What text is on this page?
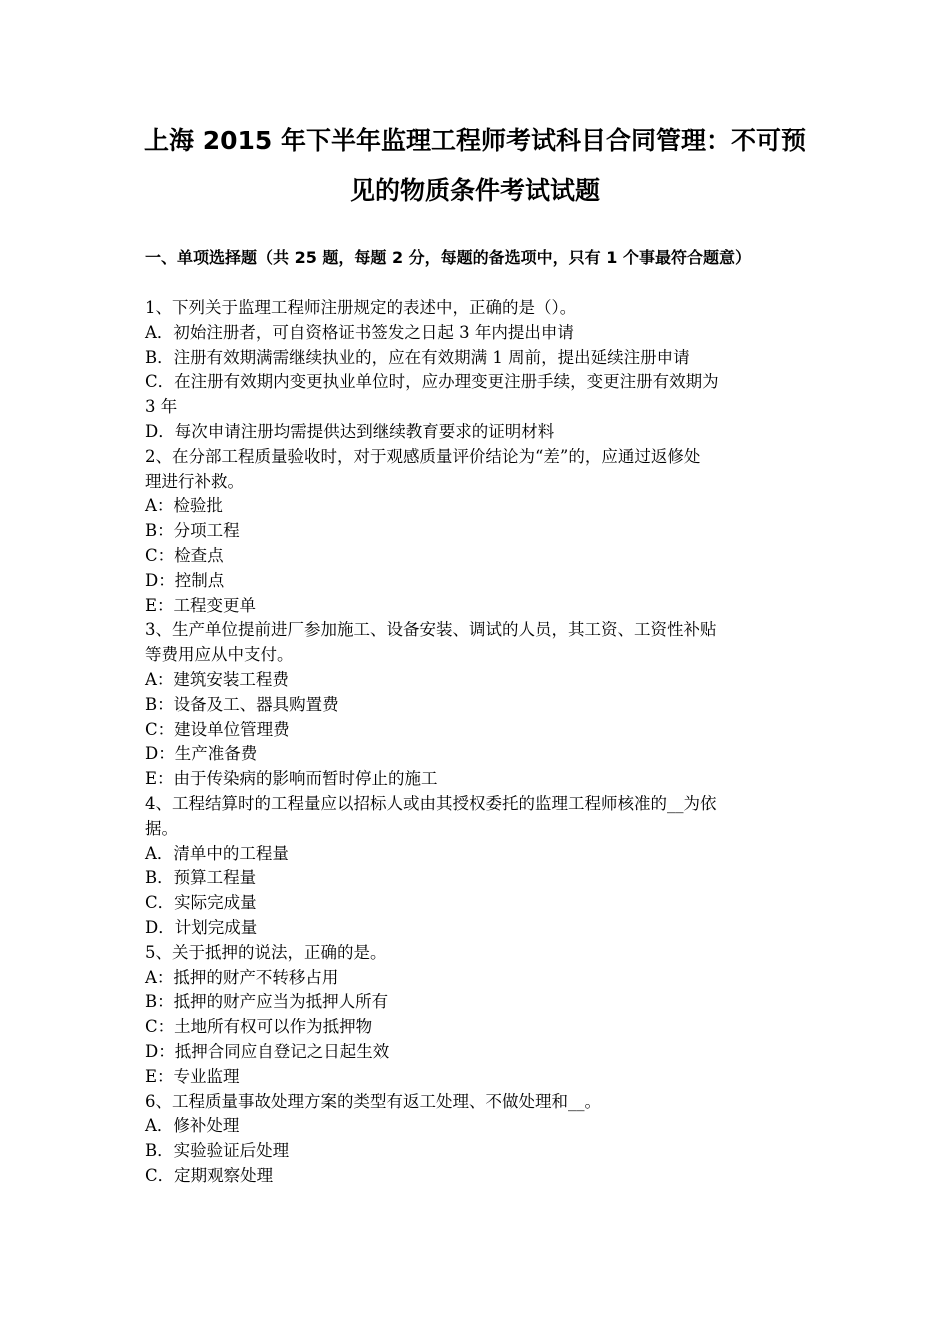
上海 2015 年下半年监理工程师考试科目合同管理：不可预
见的物质条件考试试题
一、单项选择题（共 25 题，每题 2 分，每题的备选项中，只有 1 个事最符合题意）
1、下列关于监理工程师注册规定的表述中，正确的是（）。
A．初始注册者，可自资格证书签发之日起 3 年内提出申请
B．注册有效期满需继续执业的，应在有效期满 1 周前，提出延续注册申请
C．在注册有效期内变更执业单位时，应办理变更注册手续，变更注册有效期为
3 年
D．每次申请注册均需提供达到继续教育要求的证明材料
2、在分部工程质量验收时，对于观感质量评价结论为“差”的，应通过返修处
理进行补救。
A：检验批
B：分项工程
C：检查点
D：控制点
E：工程变更单
3、生产单位提前进厂参加施工、设备安装、调试的人员，其工资、工资性补贴
等费用应从中支付。
A：建筑安装工程费
B：设备及工、器具购置费
C：建设单位管理费
D：生产准备费
E：由于传染病的影响而暂时停止的施工
4、工程结算时的工程量应以招标人或由其授权委托的监理工程师核准的__为依
据。
A．清单中的工程量
B．预算工程量
C．实际完成量
D．计划完成量
5、关于抵押的说法，正确的是。
A：抵押的财产不转移占用
B：抵押的财产应当为抵押人所有
C：土地所有权可以作为抵押物
D：抵押合同应自登记之日起生效
E：专业监理
6、工程质量事故处理方案的类型有返工处理、不做处理和__。
A．修补处理
B．实验验证后处理
C．定期观察处理
